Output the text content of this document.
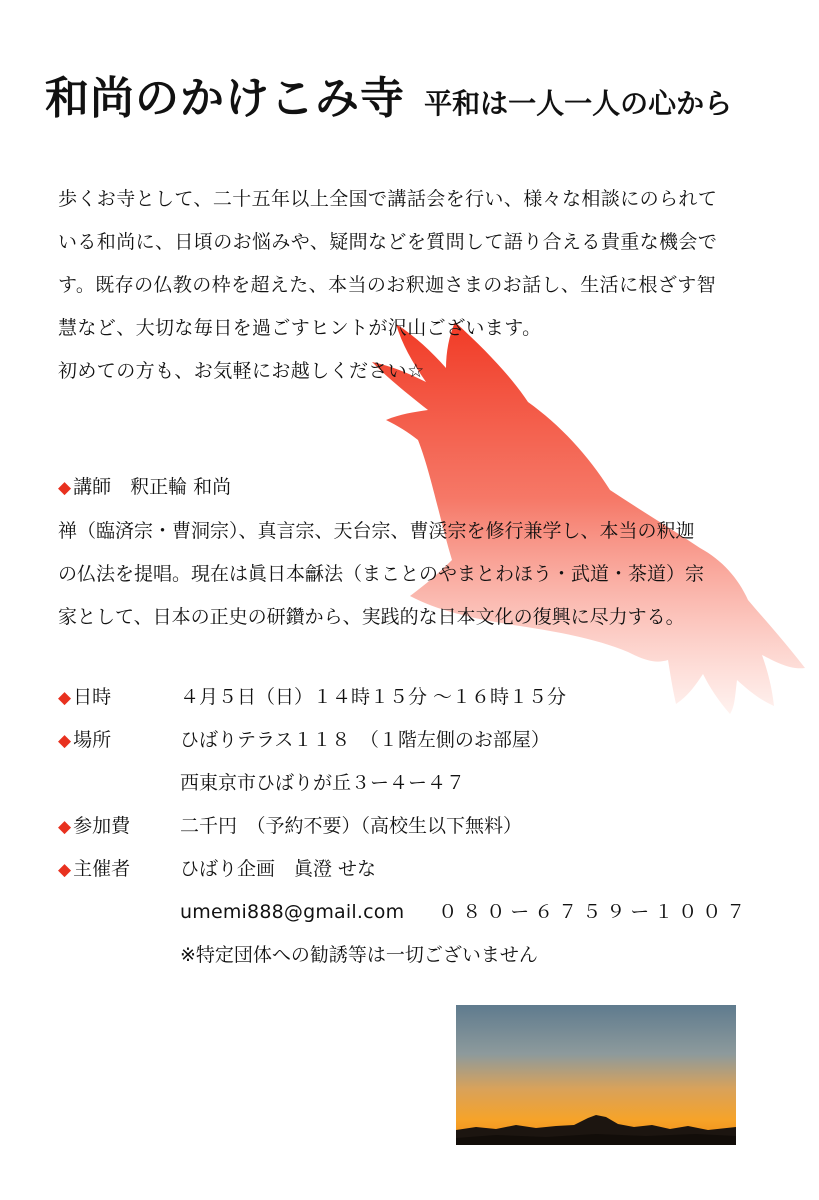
和尚のかけこみ寺 平和は一人一人の心から

歩くお寺として、二十五年以上全国で講話会を行い、様々な相談にのられて

いる和尚に、日頃のお悩みや、疑問などを質問して語り合える貴重な機会で

す。既存の仏教の枠を超えた、本当のお釈迦さまのお話し、生活に根ざす智

慧など、大切な毎日を過ごすヒントが沢山ございます。

初めての方も、お気軽にお越しください☆

◆ 講師　釈正輪 和尚

禅（臨済宗・曹洞宗）、真言宗、天台宗、曹渓宗を修行兼学し、本当の釈迦

の仏法を提唱。現在は眞日本龢法（まことのやまとわほう・武道・茶道）宗

家として、日本の正史の研鑽から、実践的な日本文化の復興に尽力する。

◆ 日時	４月５日（日）１４時１５分 〜１６時１５分
◆ 場所	ひばりテラス１１８　（１階左側のお部屋）
西東京市ひばりが丘３ー４ー４７
◆ 参加費	二千円　（予約不要）（高校生以下無料）
◆ 主催者	ひばり企画　眞澄 せな
umemi888@gmail.com ０８０ー６７５９ー１００７
※特定団体への勧誘等は一切ございません
